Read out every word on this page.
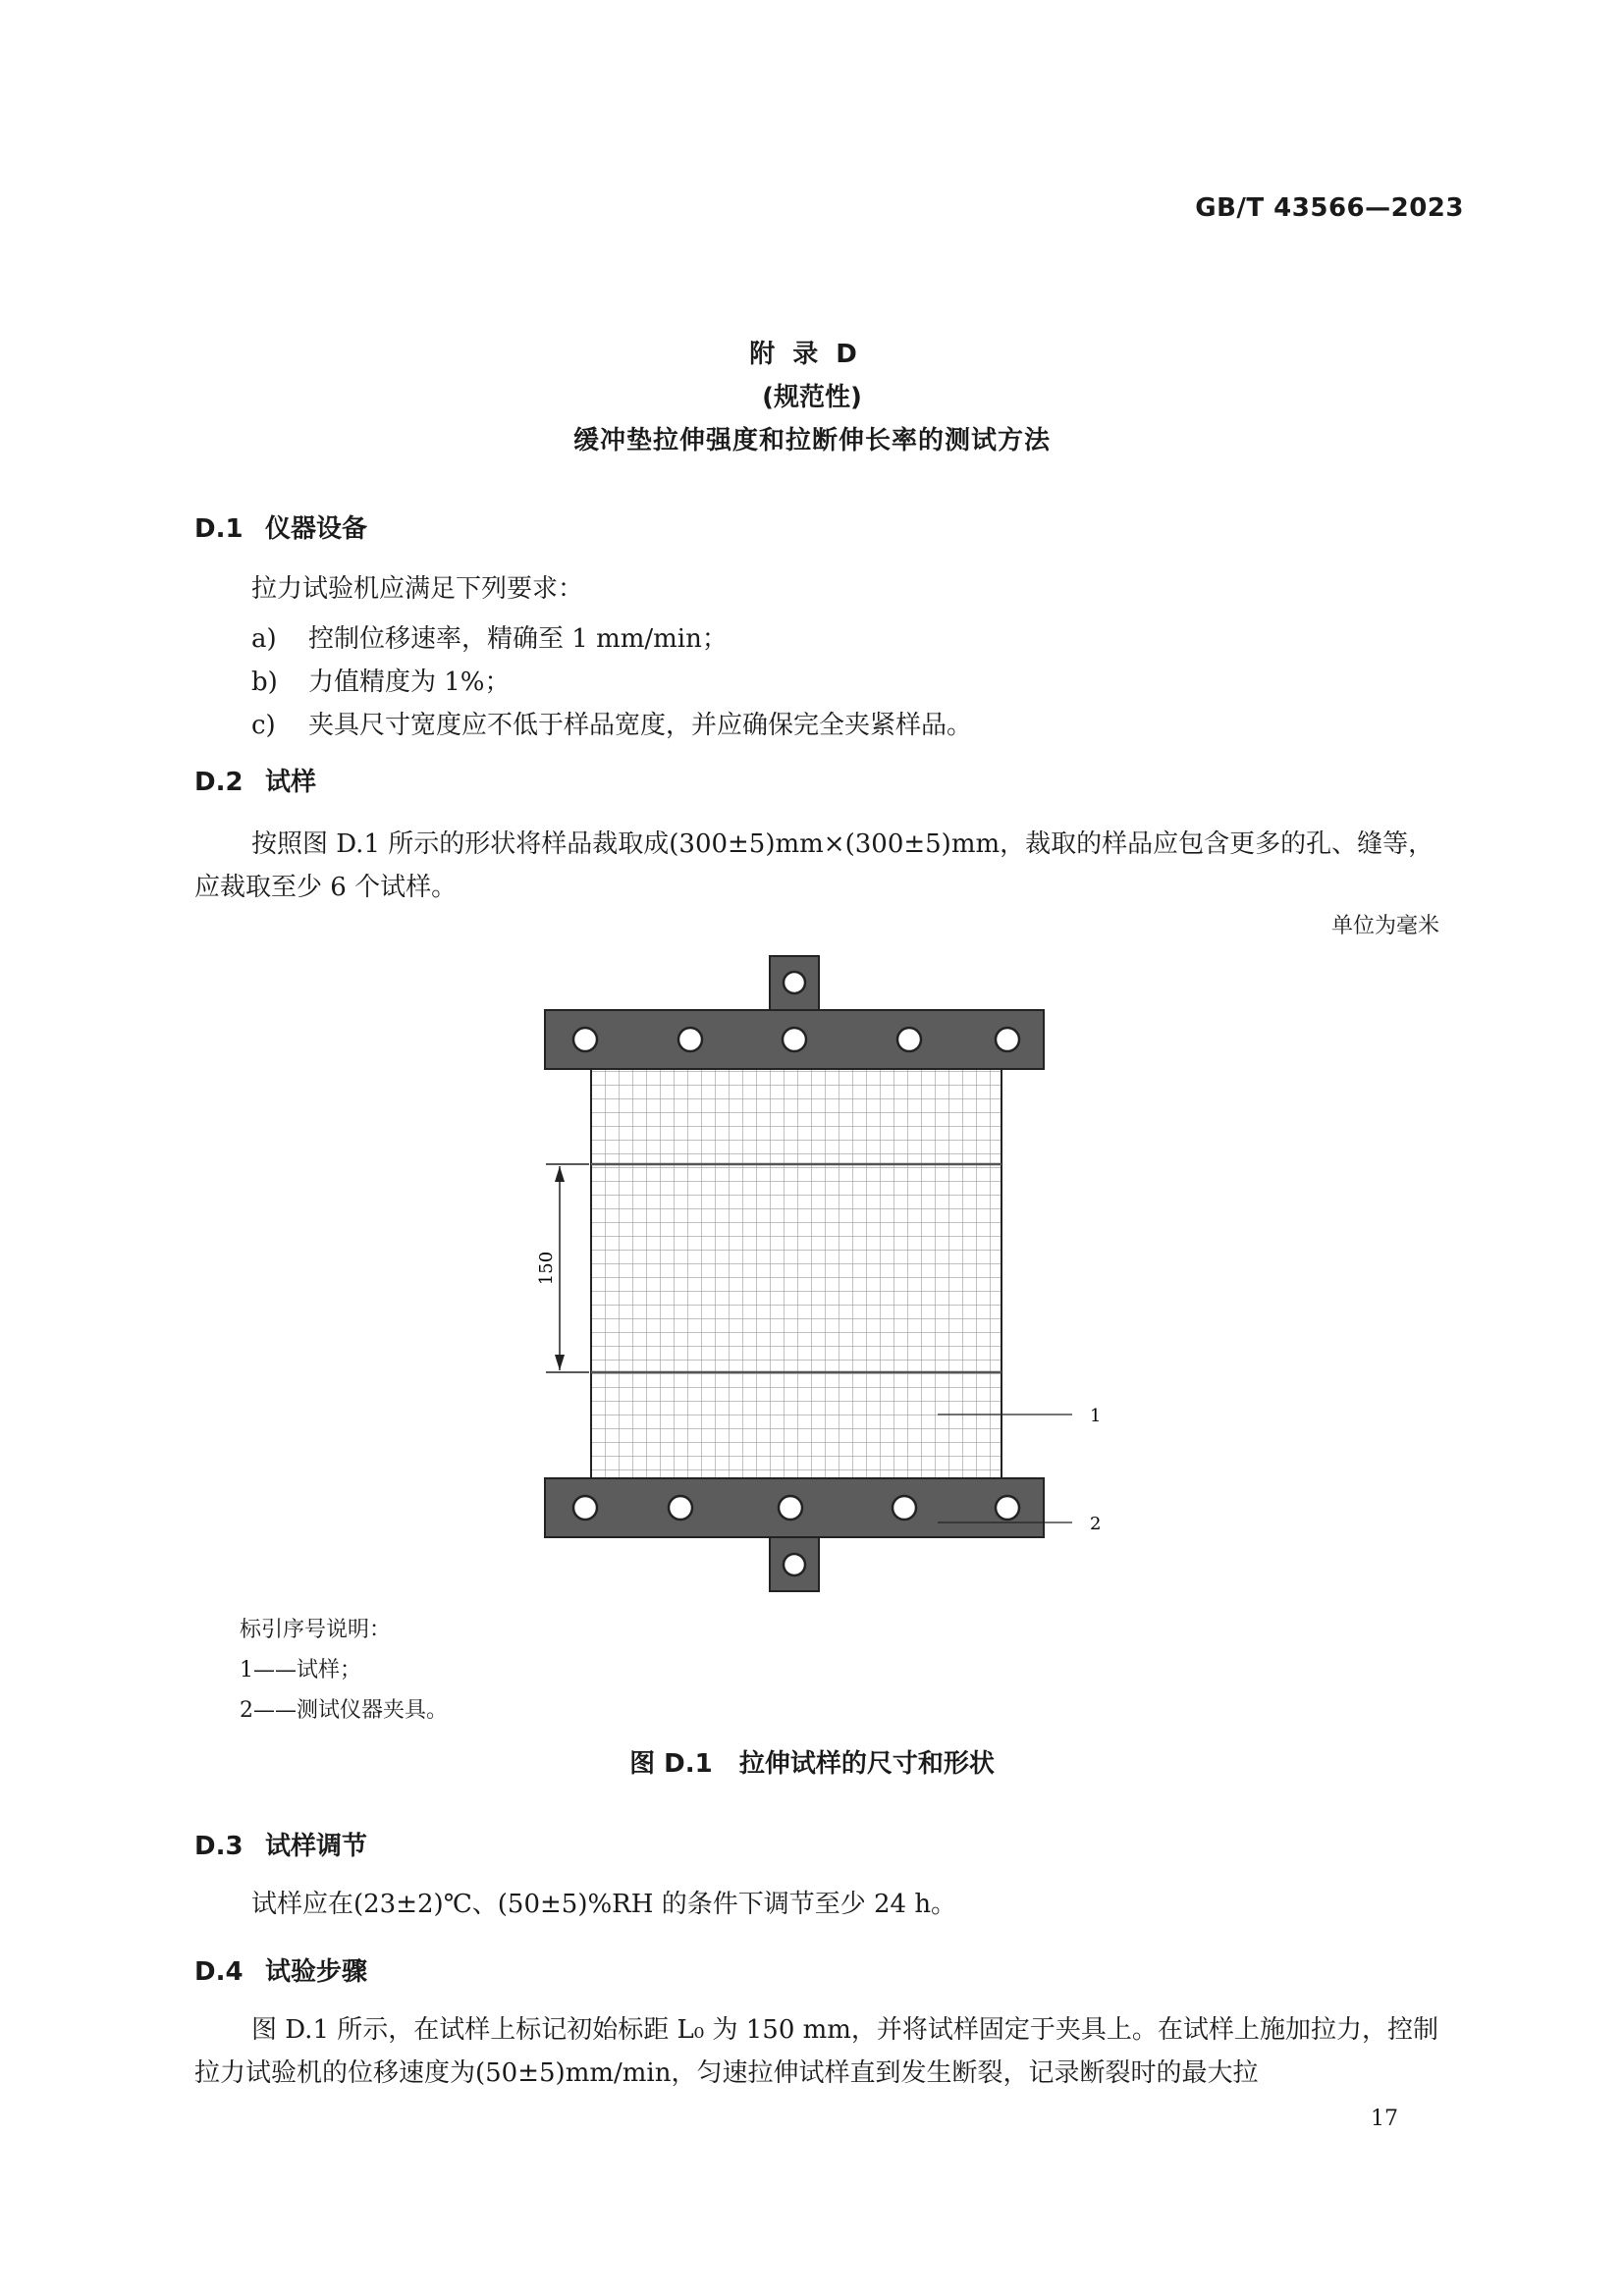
GB/T 43566—2023
附录D
(规范性)
缓冲垫拉伸强度和拉断伸长率的测试方法
D.1 仪器设备
拉力试验机应满足下列要求：
a) 控制位移速率，精确至 1 mm/min；
b) 力值精度为 1%；
c) 夹具尺寸宽度应不低于样品宽度，并应确保完全夹紧样品。
D.2 试样
按照图 D.1 所示的形状将样品裁取成(300±5)mm×(300±5)mm，裁取的样品应包含更多的孔、缝等，应裁取至少 6 个试样。
单位为毫米
150
1
2
标引序号说明：
1——试样；
2——测试仪器夹具。
图 D.1   拉伸试样的尺寸和形状
D.3 试样调节
试样应在(23±2)℃、(50±5)%RH 的条件下调节至少 24 h。
D.4 试验步骤
图 D.1 所示，在试样上标记初始标距 L₀ 为 150 mm，并将试样固定于夹具上。在试样上施加拉力，控制拉力试验机的位移速度为(50±5)mm/min，匀速拉伸试样直到发生断裂，记录断裂时的最大拉
17
